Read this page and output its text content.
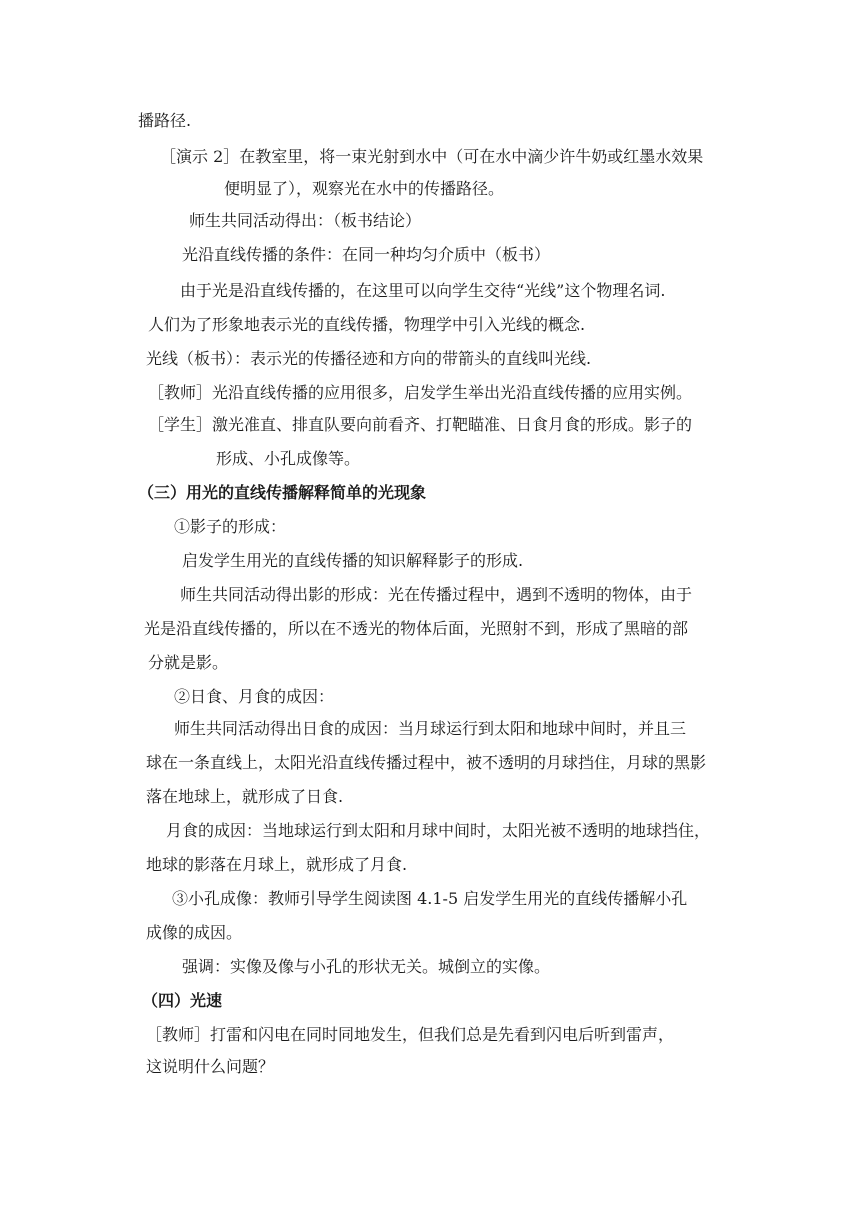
播路径.
［演示 2］在教室里，将一束光射到水中（可在水中滴少许牛奶或红墨水效果
便明显了），观察光在水中的传播路径。
师生共同活动得出：（板书结论）
光沿直线传播的条件：在同一种均匀介质中（板书）
由于光是沿直线传播的，在这里可以向学生交待“光线”这个物理名词.
人们为了形象地表示光的直线传播，物理学中引入光线的概念.
光线（板书）：表示光的传播径迹和方向的带箭头的直线叫光线.
［教师］光沿直线传播的应用很多，启发学生举出光沿直线传播的应用实例。
［学生］激光准直、排直队要向前看齐、打靶瞄准、日食月食的形成。影子的
形成、小孔成像等。
（三）用光的直线传播解释简单的光现象
①影子的形成：
启发学生用光的直线传播的知识解释影子的形成.
师生共同活动得出影的形成：光在传播过程中，遇到不透明的物体，由于
光是沿直线传播的，所以在不透光的物体后面，光照射不到，形成了黑暗的部
分就是影。
②日食、月食的成因：
师生共同活动得出日食的成因：当月球运行到太阳和地球中间时，并且三
球在一条直线上，太阳光沿直线传播过程中，被不透明的月球挡住，月球的黑影
落在地球上，就形成了日食.
月食的成因：当地球运行到太阳和月球中间时，太阳光被不透明的地球挡住，
地球的影落在月球上，就形成了月食.
③小孔成像：教师引导学生阅读图 4.1-5 启发学生用光的直线传播解小孔
成像的成因。
强调：实像及像与小孔的形状无关。城倒立的实像。
（四）光速
［教师］打雷和闪电在同时同地发生，但我们总是先看到闪电后听到雷声，
这说明什么问题？
